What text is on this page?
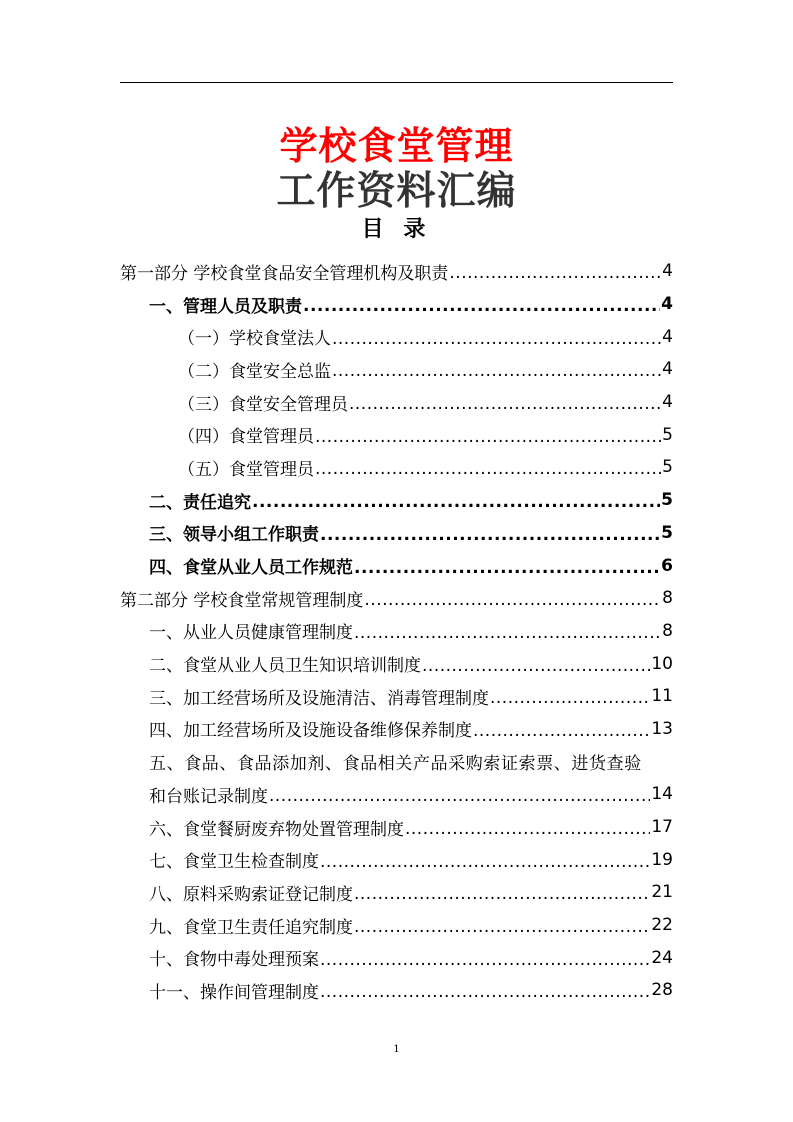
学校食堂管理
工作资料汇编
目 录
第一部分 学校食堂食品安全管理机构及职责 .....	4
一、管理人员及职责 .....	4
（一）学校食堂法人 .....	4
（二）食堂安全总监 .....	4
（三）食堂安全管理员 .....	4
（四）食堂管理员 .....	5
（五）食堂管理员 .....	5
二、责任追究 .....	5
三、领导小组工作职责 .....	5
四、食堂从业人员工作规范 .....	6
第二部分 学校食堂常规管理制度 .....	8
一、从业人员健康管理制度 .....	8
二、食堂从业人员卫生知识培训制度 .....	10
三、加工经营场所及设施清洁、消毒管理制度 .....	11
四、加工经营场所及设施设备维修保养制度 .....	13
五、食品、食品添加剂、食品相关产品采购索证索票、进货查验
和台账记录制度 .....	14
六、食堂餐厨废弃物处置管理制度 .....	17
七、食堂卫生检查制度 .....	19
八、原料采购索证登记制度 .....	21
九、食堂卫生责任追究制度 .....	22
十、食物中毒处理预案 .....	24
十一、操作间管理制度 .....	28
1
